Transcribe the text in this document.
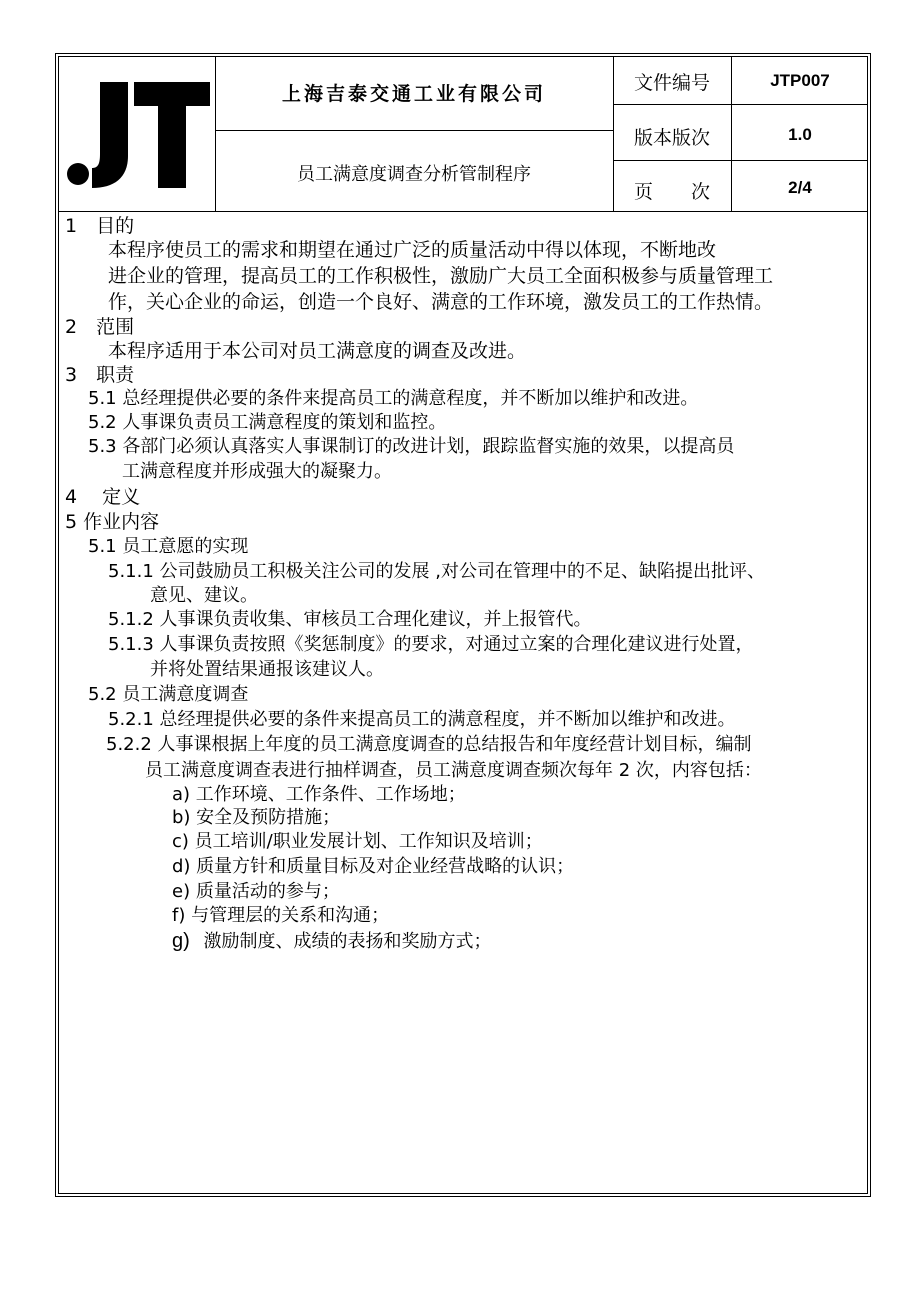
上海吉泰交通工业有限公司
员工满意度调查分析管制程序
文件编号	JTP007
版本版次	1.0
页　　次	2/4
1　目的
本程序使员工的需求和期望在通过广泛的质量活动中得以体现，不断地改
进企业的管理，提高员工的工作积极性，激励广大员工全面积极参与质量管理工
作，关心企业的命运，创造一个良好、满意的工作环境，激发员工的工作热情。
2　范围
本程序适用于本公司对员工满意度的调查及改进。
3　职责
5.1 总经理提供必要的条件来提高员工的满意程度，并不断加以维护和改进。
5.2 人事课负责员工满意程度的策划和监控。
5.3 各部门必须认真落实人事课制订的改进计划，跟踪监督实施的效果，以提高员
工满意程度并形成强大的凝聚力。
4　 定义
5 作业内容
5.1 员工意愿的实现
5.1.1 公司鼓励员工积极关注公司的发展 ,对公司在管理中的不足、缺陷提出批评、
意见、建议。
5.1.2 人事课负责收集、审核员工合理化建议，并上报管代。
5.1.3 人事课负责按照《奖惩制度》的要求，对通过立案的合理化建议进行处置，
并将处置结果通报该建议人。
5.2 员工满意度调查
5.2.1 总经理提供必要的条件来提高员工的满意程度，并不断加以维护和改进。
5.2.2 人事课根据上年度的员工满意度调查的总结报告和年度经营计划目标，编制
员工满意度调查表进行抽样调查，员工满意度调查频次每年 2 次，内容包括：
a) 工作环境、工作条件、工作场地；
b) 安全及预防措施；
c) 员工培训/职业发展计划、工作知识及培训；
d) 质量方针和质量目标及对企业经营战略的认识；
e) 质量活动的参与；
f) 与管理层的关系和沟通；
g) 激励制度、成绩的表扬和奖励方式；
